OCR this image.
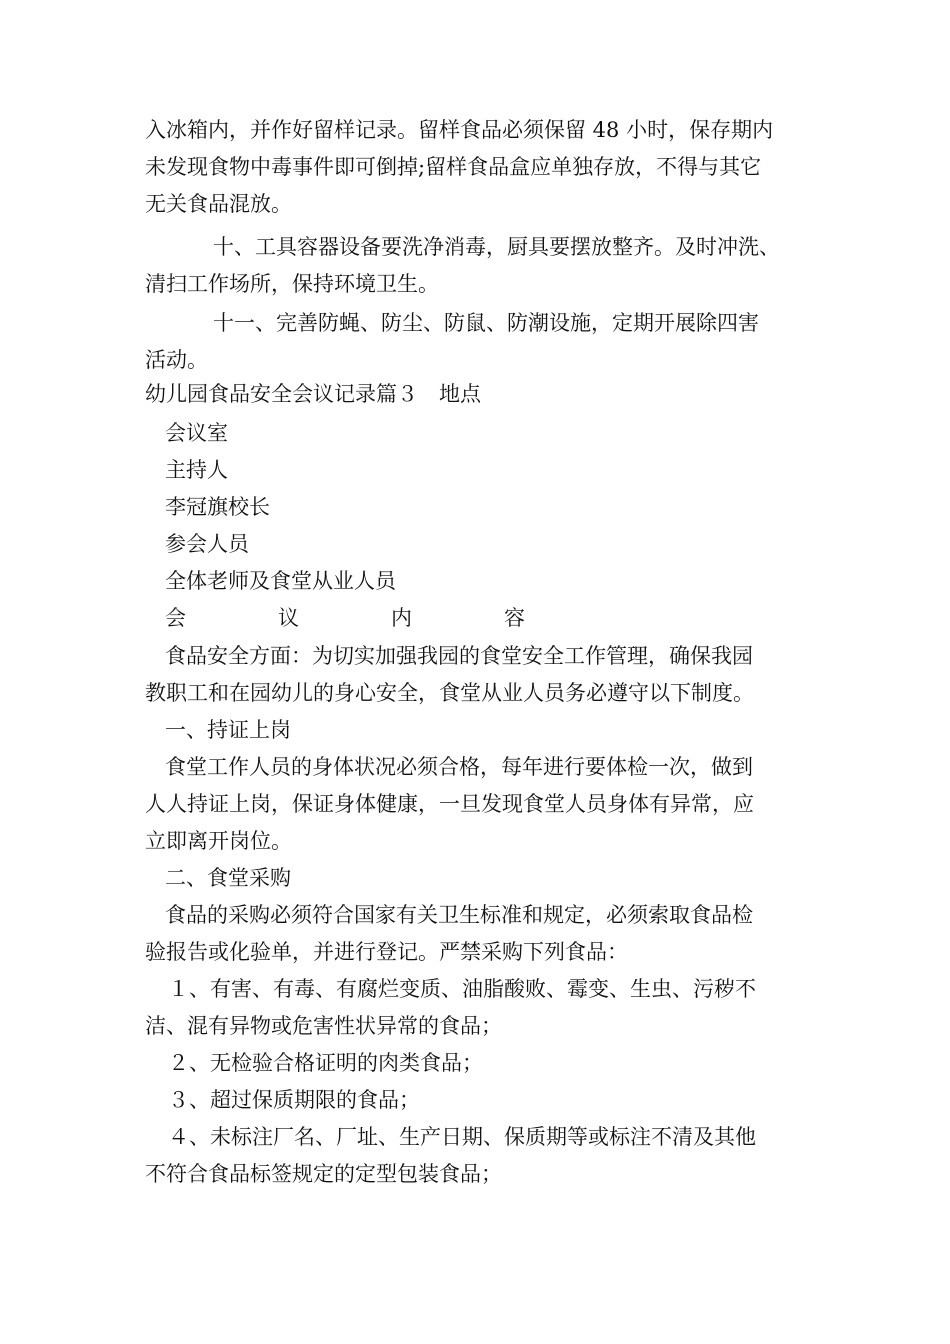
入冰箱内，并作好留样记录。留样食品必须保留 48 小时，保存期内
未发现食物中毒事件即可倒掉;留样食品盒应单独存放，不得与其它
无关食品混放。
十、工具容器设备要洗净消毒，厨具要摆放整齐。及时冲洗、
清扫工作场所，保持环境卫生。
十一、完善防蝇、防尘、防鼠、防潮设施，定期开展除四害
活动。
幼儿园食品安全会议记录篇３　地点
会议室
主持人
李冠旗校长
参会人员
全体老师及食堂从业人员
会	议	内	容
食品安全方面：为切实加强我园的食堂安全工作管理，确保我园
教职工和在园幼儿的身心安全，食堂从业人员务必遵守以下制度。
一、持证上岗
食堂工作人员的身体状况必须合格，每年进行要体检一次，做到
人人持证上岗，保证身体健康，一旦发现食堂人员身体有异常，应
立即离开岗位。
二、食堂采购
食品的采购必须符合国家有关卫生标准和规定，必须索取食品检
验报告或化验单，并进行登记。严禁采购下列食品：
１、有害、有毒、有腐烂变质、油脂酸败、霉变、生虫、污秽不
洁、混有异物或危害性状异常的食品；
２、无检验合格证明的肉类食品；
３、超过保质期限的食品；
４、未标注厂名、厂址、生产日期、保质期等或标注不清及其他
不符合食品标签规定的定型包装食品；
